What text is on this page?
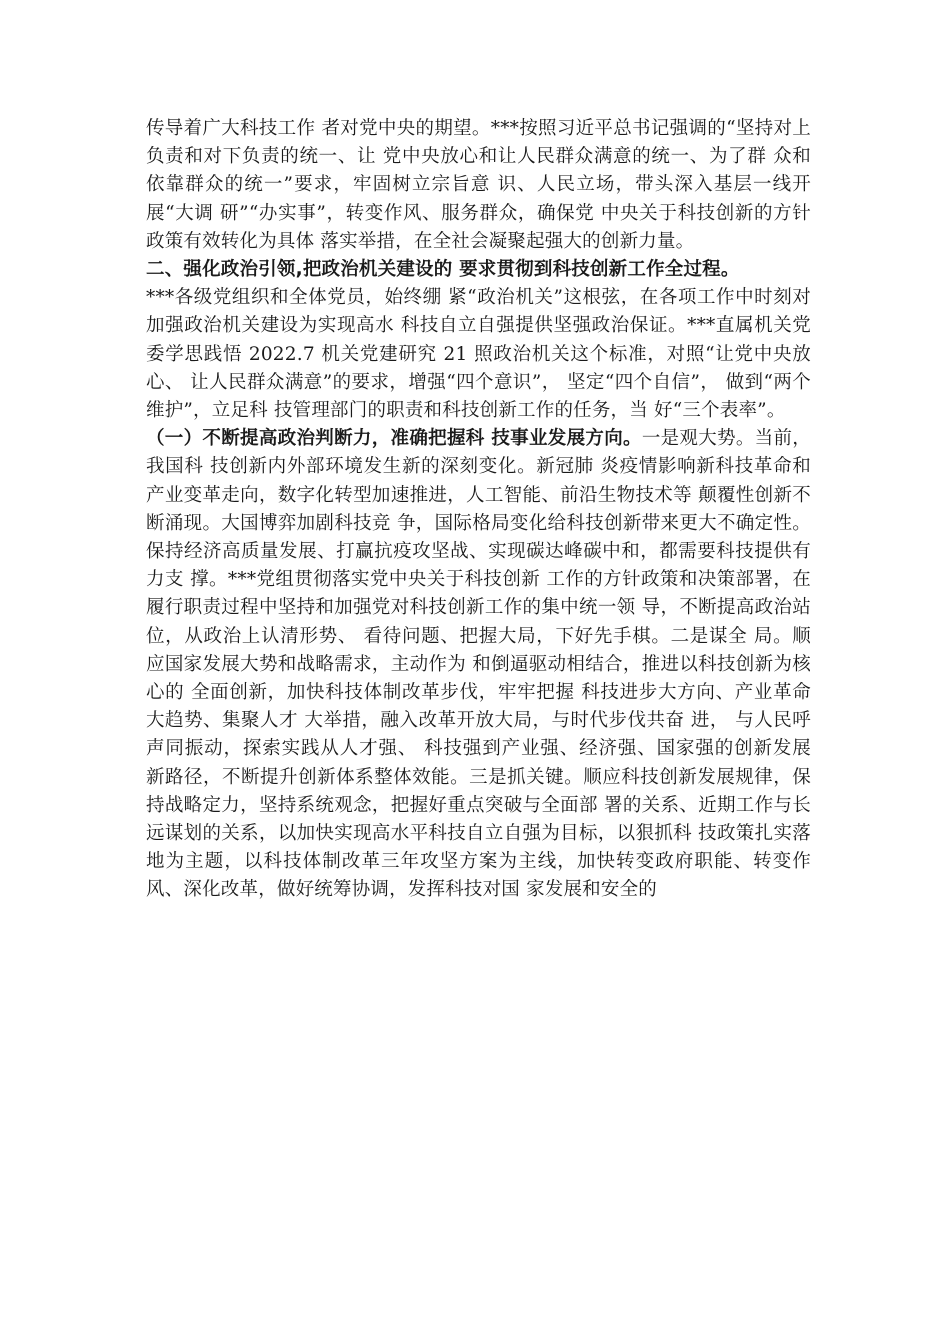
传导着广大科技工作 者对党中央的期望。***按照习近平总书记强调的“坚持对上负责和对下负责的统一、让 党中央放心和让人民群众满意的统一、为了群 众和依靠群众的统一”要求，牢固树立宗旨意 识、人民立场，带头深入基层一线开展“大调 研”“办实事”，转变作风、服务群众，确保党 中央关于科技创新的方针政策有效转化为具体 落实举措，在全社会凝聚起强大的创新力量。

二、强化政治引领,把政治机关建设的 要求贯彻到科技创新工作全过程。

***各级党组织和全体党员，始终绷 紧“政治机关”这根弦，在各项工作中时刻对加强政治机关建设为实现高水 科技自立自强提供坚强政治保证。***直属机关党委学思践悟 2022.7 机关党建研究 21 照政治机关这个标准，对照“让党中央放心、 让人民群众满意”的要求，增强“四个意识”， 坚定“四个自信”， 做到“两个维护”，立足科 技管理部门的职责和科技创新工作的任务，当 好“三个表率”。

（一）不断提高政治判断力，准确把握科 技事业发展方向。一是观大势。当前，我国科 技创新内外部环境发生新的深刻变化。新冠肺 炎疫情影响新科技革命和产业变革走向，数字化转型加速推进，人工智能、前沿生物技术等 颠覆性创新不断涌现。大国博弈加剧科技竞 争，国际格局变化给科技创新带来更大不确定性。保持经济高质量发展、打赢抗疫攻坚战、实现碳达峰碳中和，都需要科技提供有力支 撑。***党组贯彻落实党中央关于科技创新 工作的方针政策和决策部署，在履行职责过程中坚持和加强党对科技创新工作的集中统一领 导，不断提高政治站位，从政治上认清形势、 看待问题、把握大局，下好先手棋。二是谋全 局。顺应国家发展大势和战略需求，主动作为 和倒逼驱动相结合，推进以科技创新为核心的 全面创新，加快科技体制改革步伐，牢牢把握 科技进步大方向、产业革命大趋势、集聚人才 大举措，融入改革开放大局，与时代步伐共奋 进， 与人民呼声同振动，探索实践从人才强、 科技强到产业强、经济强、国家强的创新发展 新路径，不断提升创新体系整体效能。三是抓关键。顺应科技创新发展规律，保持战略定力，坚持系统观念，把握好重点突破与全面部 署的关系、近期工作与长远谋划的关系，以加快实现高水平科技自立自强为目标，以狠抓科 技政策扎实落地为主题，以科技体制改革三年攻坚方案为主线，加快转变政府职能、转变作风、深化改革，做好统筹协调，发挥科技对国 家发展和安全的
